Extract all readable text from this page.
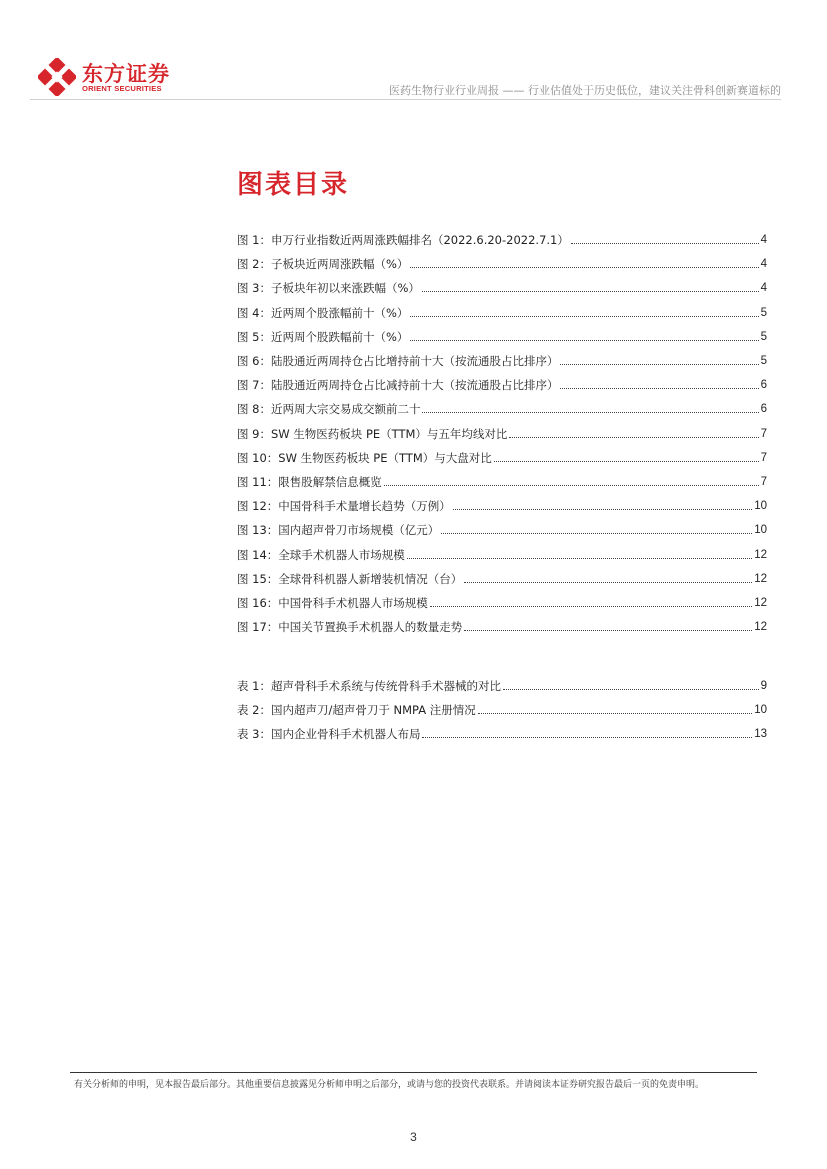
东方证券
ORIENT SECURITIES	医药生物行业行业周报 —— 行业估值处于历史低位，建议关注骨科创新赛道标的
图表目录
图 1：申万行业指数近两周涨跌幅排名（2022.6.20-2022.7.1）	4
图 2：子板块近两周涨跌幅（%）	4
图 3：子板块年初以来涨跌幅（%）	4
图 4：近两周个股涨幅前十（%）	5
图 5：近两周个股跌幅前十（%）	5
图 6：陆股通近两周持仓占比增持前十大（按流通股占比排序）	5
图 7：陆股通近两周持仓占比减持前十大（按流通股占比排序）	6
图 8：近两周大宗交易成交额前二十	6
图 9：SW 生物医药板块 PE（TTM）与五年均线对比	7
图 10：SW 生物医药板块 PE（TTM）与大盘对比	7
图 11：限售股解禁信息概览	7
图 12：中国骨科手术量增长趋势（万例）	10
图 13：国内超声骨刀市场规模（亿元）	10
图 14：全球手术机器人市场规模	12
图 15：全球骨科机器人新增装机情况（台）	12
图 16：中国骨科手术机器人市场规模	12
图 17：中国关节置换手术机器人的数量走势	12
表 1：超声骨科手术系统与传统骨科手术器械的对比	9
表 2：国内超声刀/超声骨刀于 NMPA 注册情况	10
表 3：国内企业骨科手术机器人布局	13
有关分析师的申明，见本报告最后部分。其他重要信息披露见分析师申明之后部分，或请与您的投资代表联系。并请阅读本证券研究报告最后一页的免责申明。
3
